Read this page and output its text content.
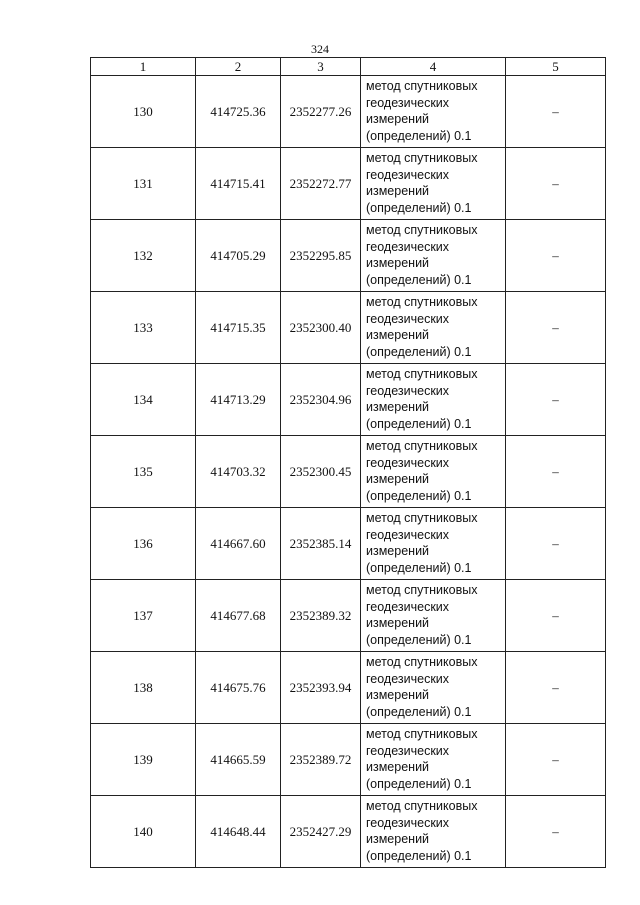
324
1	2	3	4	5
130	414725.36	2352277.26	метод спутниковых
геодезических
измерений
(определений) 0.1	–
131	414715.41	2352272.77	метод спутниковых
геодезических
измерений
(определений) 0.1	–
132	414705.29	2352295.85	метод спутниковых
геодезических
измерений
(определений) 0.1	–
133	414715.35	2352300.40	метод спутниковых
геодезических
измерений
(определений) 0.1	–
134	414713.29	2352304.96	метод спутниковых
геодезических
измерений
(определений) 0.1	–
135	414703.32	2352300.45	метод спутниковых
геодезических
измерений
(определений) 0.1	–
136	414667.60	2352385.14	метод спутниковых
геодезических
измерений
(определений) 0.1	–
137	414677.68	2352389.32	метод спутниковых
геодезических
измерений
(определений) 0.1	–
138	414675.76	2352393.94	метод спутниковых
геодезических
измерений
(определений) 0.1	–
139	414665.59	2352389.72	метод спутниковых
геодезических
измерений
(определений) 0.1	–
140	414648.44	2352427.29	метод спутниковых
геодезических
измерений
(определений) 0.1	–
